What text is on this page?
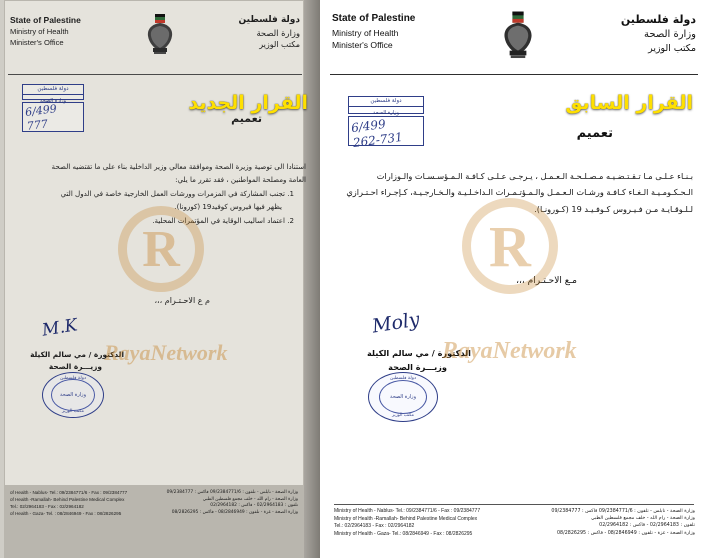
State of Palestine
Ministry of Health
Minister's Office
دولة فلسطين
وزارة الصحة
مكتب الوزير
دولة فلسطين
وزارة الصحة
6/499
777	تعميم
استنادا الى توصية وزيرة الصحة وموافقة معالي وزير الداخلية بناء على ما تقتضيه الصحة
العامة ومصلحة المواطنين ، فقد تقرر ما يلي:
1. تجنب المشاركة في المزمرات وورشات العمل الخارجية خاصة في الدول التي
يظهر فيها فيروس كوفيد19 (كورونا).
2. اعتماد اساليب الوقاية في المؤتمرات المحلية.
م ع الاحـتـرام ،،،
M.K
الدكتورة / مي سالم الكيلة
وزيـــرة الصحة
دولة فلسطين
وزارة الصحة
مكتب الوزير
of Health - Nablus- Tel.: 09/2384771/6 - Fax : 09/2384777
of Health -Ramallah- Behind Palestine Medical Complex
Tel.: 02/2964183 - Fax : 02/2964182
of Health - Gaza- Tel. : 08/2846949 - Fax : 08/2826295
وزارة الصحة - نابلس - تلفون : 09/2384771/6 فاكس : 09/2384777
وزارة الصحة - رام الله - خلف مجمع فلسطين الطبي
تلفون : 02/2964183 - فاكس : 02/2964182
وزارة الصحة - غزة - تلفون : 08/2846949 - فاكس : 08/2826295
R
RayaNetwork
القرار الجديد
State of Palestine
Ministry of Health
Minister's Office
دولة فلسطين
وزارة الصحة
مكتب الوزير
دولة فلسطين
وزارة الصحة
6/499
262-731	تعميم
بـنـاء عـلـى مـا تـقـتـضـيـه مـصـلـحـة الـعـمـل ، يـرجـى عـلـى كـافـة الـمـؤسـسـات والـوزارات
الـحـكـومـيـة الـغـاء كـافـة ورشـات الـعـمـل والـمـؤتـمـرات الـداخـلـيـة والـخـارجـيـة، كـإجـراء احـتـرازي
لـلـوقـايـة مـن فـيـروس كـوفـيـد 19 (كـورونـا).
مـع الاحـتـرام ،،،
Moly
الدكتورة / مي سالم الكيلة
وزيـــرة الصحة
دولة فلسطين
وزارة الصحة
مكتب الوزير
Ministry of Health - Nablus- Tel.: 09/2384771/6 - Fax : 09/2384777
Ministry of Health -Ramallah- Behind Palestine Medical Complex
Tel.: 02/2964183 - Fax : 02/2964182
Ministry of Health - Gaza- Tel.: 08/2846949 - Fax : 08/2826295
وزارة الصحة - نابلس - تلفون : 09/2384771/6 فاكس : 09/2384777
وزارة الصحة - رام الله - خلف مجمع فلسطين الطبي
تلفون : 02/2964183 - فاكس : 02/2964182
وزارة الصحة - غزة - تلفون : 08/2846949 - فاكس : 08/2826295
R
RayaNetwork
القرار السابق
